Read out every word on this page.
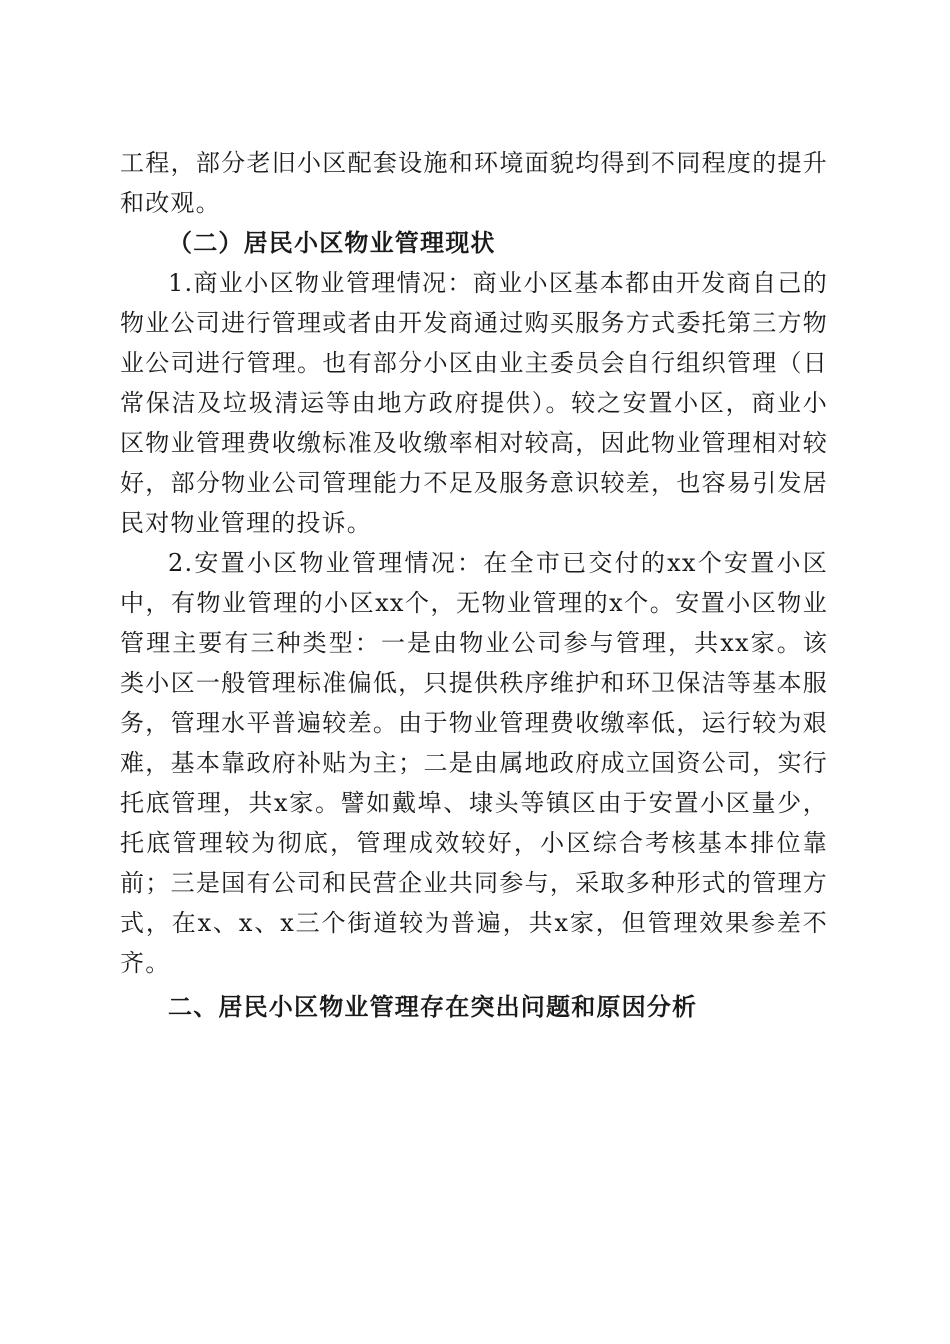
工程，部分老旧小区配套设施和环境面貌均得到不同程度的提升和改观。

（二）居民小区物业管理现状

1.商业小区物业管理情况：商业小区基本都由开发商自己的物业公司进行管理或者由开发商通过购买服务方式委托第三方物业公司进行管理。也有部分小区由业主委员会自行组织管理（日常保洁及垃圾清运等由地方政府提供）。较之安置小区，商业小区物业管理费收缴标准及收缴率相对较高，因此物业管理相对较好，部分物业公司管理能力不足及服务意识较差，也容易引发居民对物业管理的投诉。

2.安置小区物业管理情况：在全市已交付的xx个安置小区中，有物业管理的小区xx个，无物业管理的x个。安置小区物业管理主要有三种类型：一是由物业公司参与管理，共xx家。该类小区一般管理标准偏低，只提供秩序维护和环卫保洁等基本服务，管理水平普遍较差。由于物业管理费收缴率低，运行较为艰难，基本靠政府补贴为主；二是由属地政府成立国资公司，实行托底管理，共x家。譬如戴埠、埭头等镇区由于安置小区量少，托底管理较为彻底，管理成效较好，小区综合考核基本排位靠前；三是国有公司和民营企业共同参与，采取多种形式的管理方式，在x、x、x三个街道较为普遍，共x家，但管理效果参差不齐。

二、居民小区物业管理存在突出问题和原因分析
